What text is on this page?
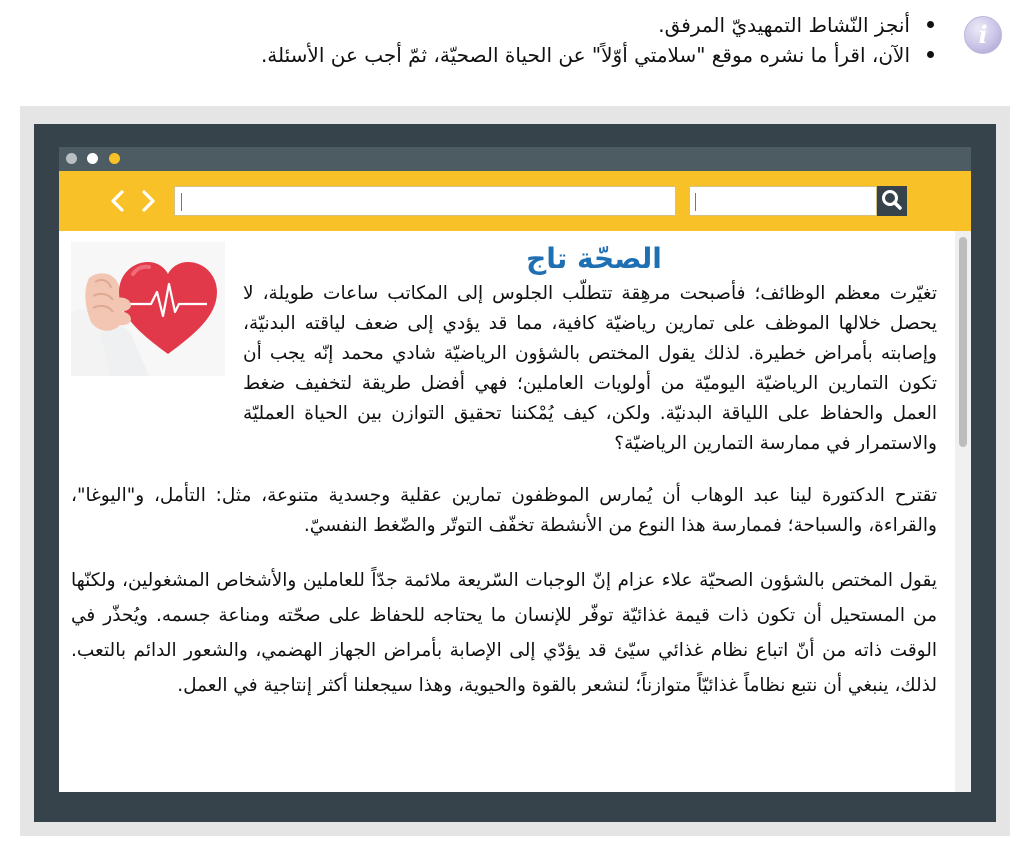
أنجز النّشاط التمهيديّ المرفق.
الآن، اقرأ ما نشره موقع "سلامتي أوّلاً" عن الحياة الصحيّة، ثمّ أجب عن الأسئلة.
i
الصحّة تاج

تغيّرت معظم الوظائف؛ فأصبحت مرهِقة تتطلّب الجلوس إلى المكاتب ساعات طويلة، لا يحصل خلالها الموظف على تمارين رياضيّة كافية، مما قد يؤدي إلى ضعف لياقته البدنيّة، وإصابته بأمراض خطيرة. لذلك يقول المختص بالشؤون الرياضيّة شادي محمد إنّه يجب أن تكون التمارين الرياضيّة اليوميّة من أولويات العاملين؛ فهي أفضل طريقة لتخفيف ضغط العمل والحفاظ على اللياقة البدنيّة. ولكن، كيف يُمْكننا تحقيق التوازن بين الحياة العمليّة والاستمرار في ممارسة التمارين الرياضيّة؟

تقترح الدكتورة لينا عبد الوهاب أن يُمارس الموظفون تمارين عقلية وجسدية متنوعة، مثل: التأمل، و"اليوغا"، والقراءة، والسباحة؛ فممارسة هذا النوع من الأنشطة تخفّف التوتّر والضّغط النفسيّ.

يقول المختص بالشؤون الصحيّة علاء عزام إنّ الوجبات السّريعة ملائمة جدّاً للعاملين والأشخاص المشغولين، ولكنّها من المستحيل أن تكون ذات قيمة غذائيّة توفّر للإنسان ما يحتاجه للحفاظ على صحّته ومناعة جسمه. ويُحذّر في الوقت ذاته من أنّ اتباع نظام غذائي سيّئ قد يؤدّي إلى الإصابة بأمراض الجهاز الهضمي، والشعور الدائم بالتعب. لذلك، ينبغي أن نتبع نظاماً غذائيّاً متوازناً؛ لنشعر بالقوة والحيوية، وهذا سيجعلنا أكثر إنتاجية في العمل.
